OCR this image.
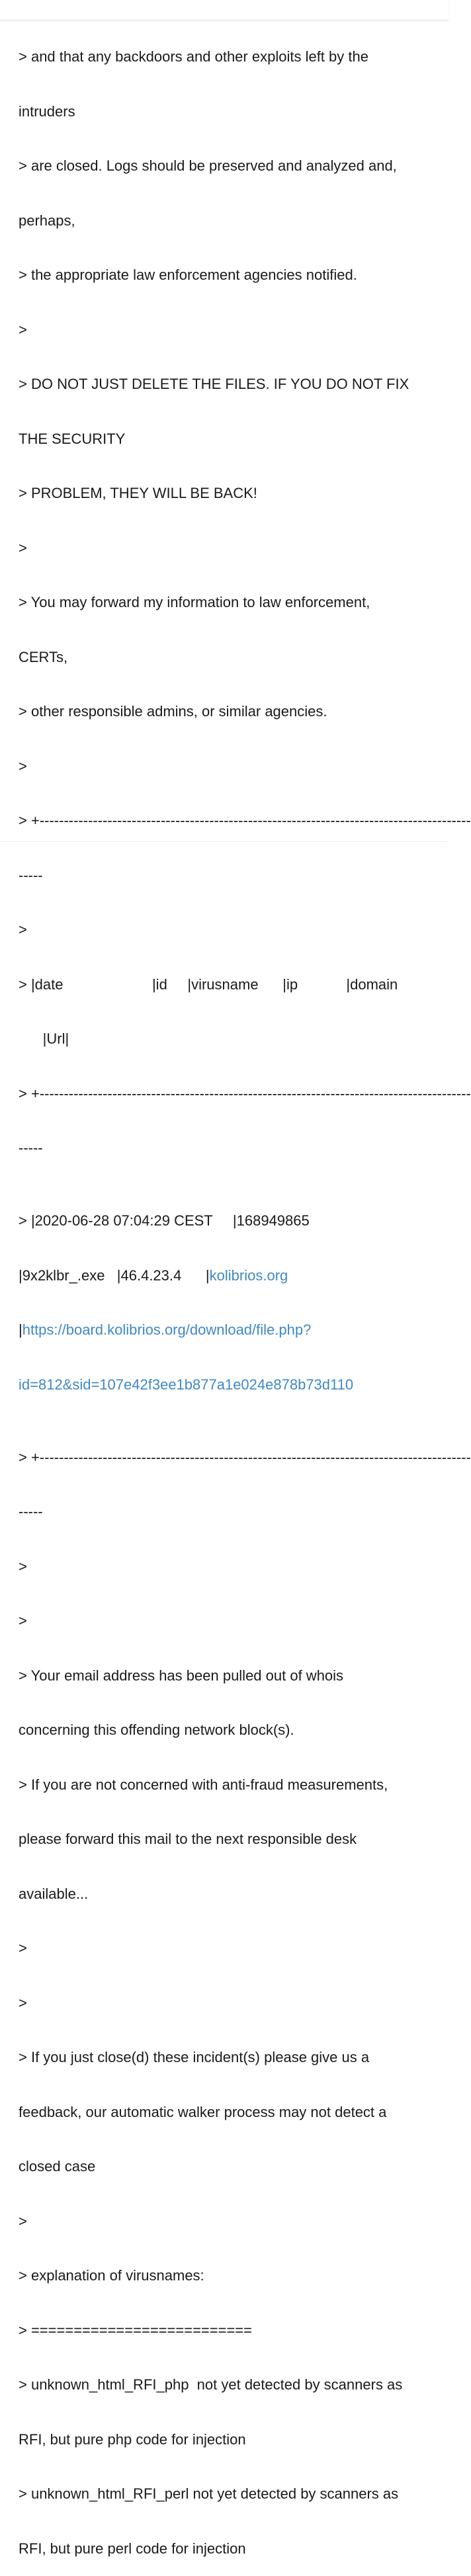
> and that any backdoors and other exploits left by the

intruders

> are closed. Logs should be preserved and analyzed and,

perhaps,

> the appropriate law enforcement agencies notified.

>

> DO NOT JUST DELETE THE FILES. IF YOU DO NOT FIX

THE SECURITY

> PROBLEM, THEY WILL BE BACK!

>

> You may forward my information to law enforcement,

CERTs,

> other responsible admins, or similar agencies.

>

> +-----------------------------------------------------------------------------------------

-----

>

> |date                      |id     |virusname      |ip            |domain

|Url|

> +-----------------------------------------------------------------------------------------

-----

> |2020-06-28 07:04:29 CEST     |168949865

|9x2klbr_.exe   |46.4.23.4      |kolibrios.org

|https://board.kolibrios.org/download/file.php?

id=812&sid=107e42f3ee1b877a1e024e878b73d110

> +-----------------------------------------------------------------------------------------

-----

>

>

> Your email address has been pulled out of whois

concerning this offending network block(s).

> If you are not concerned with anti-fraud measurements,

please forward this mail to the next responsible desk

available...

>

>

> If you just close(d) these incident(s) please give us a

feedback, our automatic walker process may not detect a

closed case

>

> explanation of virusnames:

> ==========================

> unknown_html_RFI_php  not yet detected by scanners as

RFI, but pure php code for injection

> unknown_html_RFI_perl not yet detected by scanners as

RFI, but pure perl code for injection
